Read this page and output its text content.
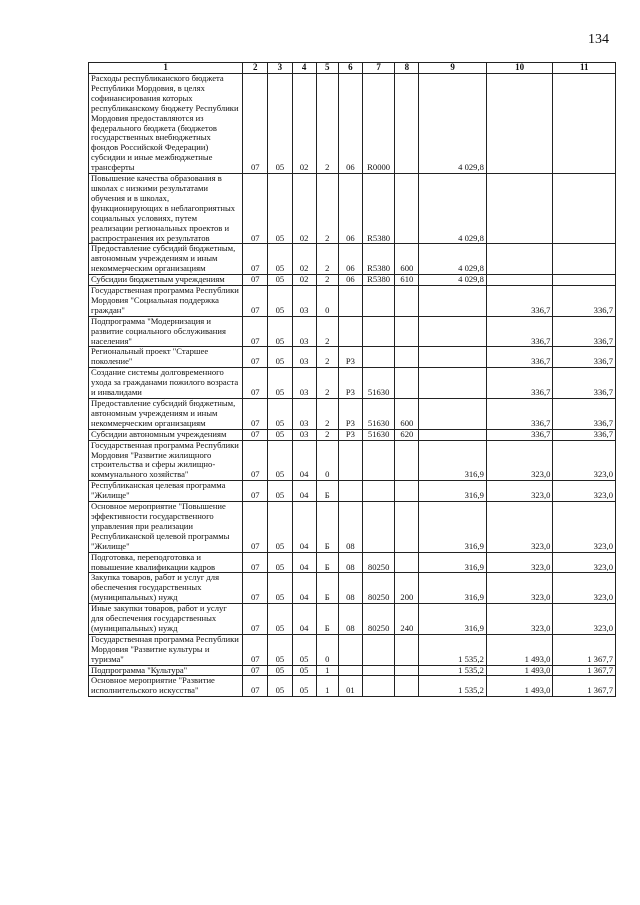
134
1	2	3	4	5	6	7	8	9	10	11
Расходы республиканского бюджета Республики Мордовия, в целях софинансирования которых республиканскому бюджету Республики Мордовия предоставляются из федерального бюджета (бюджетов государственных внебюджетных фондов Российской Федерации) субсидии и иные межбюджетные трансферты	07	05	02	2	06	R0000		4 029,8		
Повышение качества образования в школах с низкими результатами обучения и в школах, функционирующих в неблагоприятных социальных условиях, путем реализации региональных проектов и распространения их результатов	07	05	02	2	06	R5380		4 029,8		
Предоставление субсидий бюджетным, автономным учреждениям и иным некоммерческим организациям	07	05	02	2	06	R5380	600	4 029,8		
Субсидии бюджетным учреждениям	07	05	02	2	06	R5380	610	4 029,8		
Государственная программа Республики Мордовия "Социальная поддержка граждан"	07	05	03	0					336,7	336,7
Подпрограмма "Модернизация и развитие социального обслуживания населения"	07	05	03	2					336,7	336,7
Региональный проект "Старшее поколение"	07	05	03	2	P3				336,7	336,7
Создание системы долговременного ухода за гражданами пожилого возраста и инвалидами	07	05	03	2	P3	51630			336,7	336,7
Предоставление субсидий бюджетным, автономным учреждениям и иным некоммерческим организациям	07	05	03	2	P3	51630	600		336,7	336,7
Субсидии автономным учреждениям	07	05	03	2	P3	51630	620		336,7	336,7
Государственная программа Республики Мордовия "Развитие жилищного строительства и сферы жилищно-коммунального хозяйства"	07	05	04	0				316,9	323,0	323,0
Республиканская целевая программа "Жилище"	07	05	04	Б				316,9	323,0	323,0
Основное мероприятие "Повышение эффективности государственного управления при реализации Республиканской целевой программы "Жилище"	07	05	04	Б	08			316,9	323,0	323,0
Подготовка, переподготовка и повышение квалификации кадров	07	05	04	Б	08	80250		316,9	323,0	323,0
Закупка товаров, работ и услуг для обеспечения государственных (муниципальных) нужд	07	05	04	Б	08	80250	200	316,9	323,0	323,0
Иные закупки товаров, работ и услуг для обеспечения государственных (муниципальных) нужд	07	05	04	Б	08	80250	240	316,9	323,0	323,0
Государственная программа Республики Мордовия "Развитие культуры и туризма"	07	05	05	0				1 535,2	1 493,0	1 367,7
Подпрограмма "Культура"	07	05	05	1				1 535,2	1 493,0	1 367,7
Основное мероприятие "Развитие исполнительского искусства"	07	05	05	1	01			1 535,2	1 493,0	1 367,7
